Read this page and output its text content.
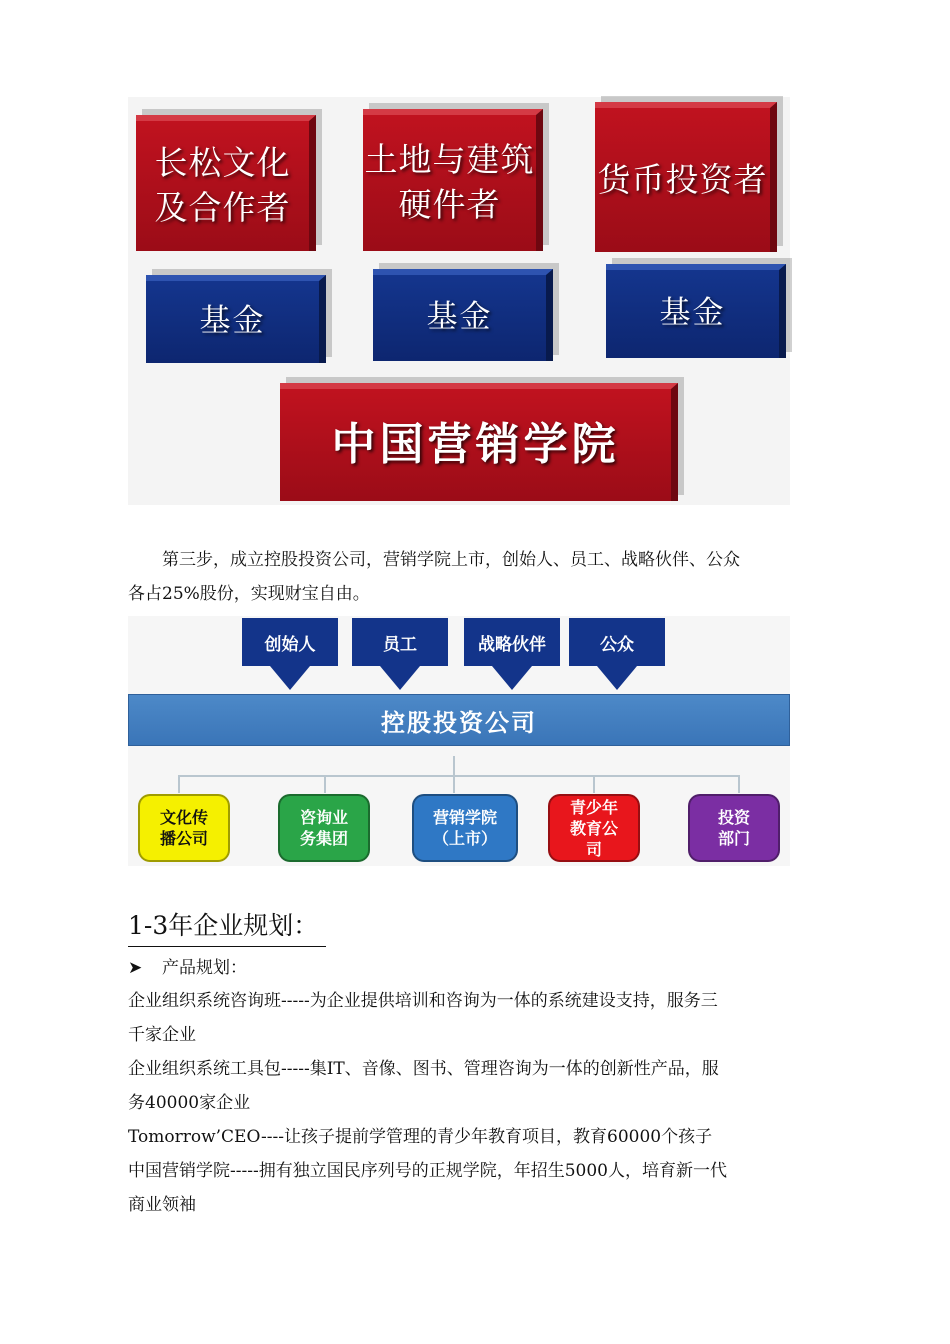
长松文化
及合作者
土地与建筑
硬件者
货币投资者
基金	基金	基金
中国营销学院
第三步，成立控股投资公司，营销学院上市，创始人、员工、战略伙伴、公众
各占25%股份，实现财宝自由。
创始人	员工	战略伙伴	公众
控股投资公司
文化传
播公司
咨询业
务集团
营销学院
（上市）
青少年
教育公
司
投资
部门
1-3年企业规划：
➤ 产品规划：
企业组织系统咨询班-----为企业提供培训和咨询为一体的系统建设支持，服务三
千家企业
企业组织系统工具包-----集IT、音像、图书、管理咨询为一体的创新性产品，服
务40000家企业
Tomorrow’CEO----让孩子提前学管理的青少年教育项目，教育60000个孩子
中国营销学院-----拥有独立国民序列号的正规学院，年招生5000人，培育新一代
商业领袖
